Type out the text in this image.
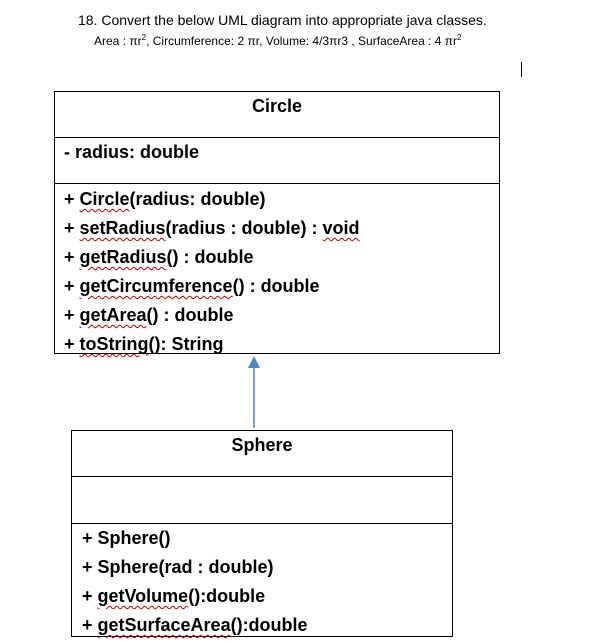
18. Convert the below UML diagram into appropriate java classes.
Area : $\pi r^2$, Circumference: 2 πr, Volume: 4/3πr3 , SurfaceArea : 4 $\pi r^2$
Circle
- radius: double
+ Circle(radius: double)
+ setRadius(radius : double) : void
+ getRadius() : double
+ getCircumference() : double
+ getArea() : double
+ toString(): String
Sphere
+ Sphere()
+ Sphere(rad : double)
+ getVolume():double
+ getSurfaceArea():double
